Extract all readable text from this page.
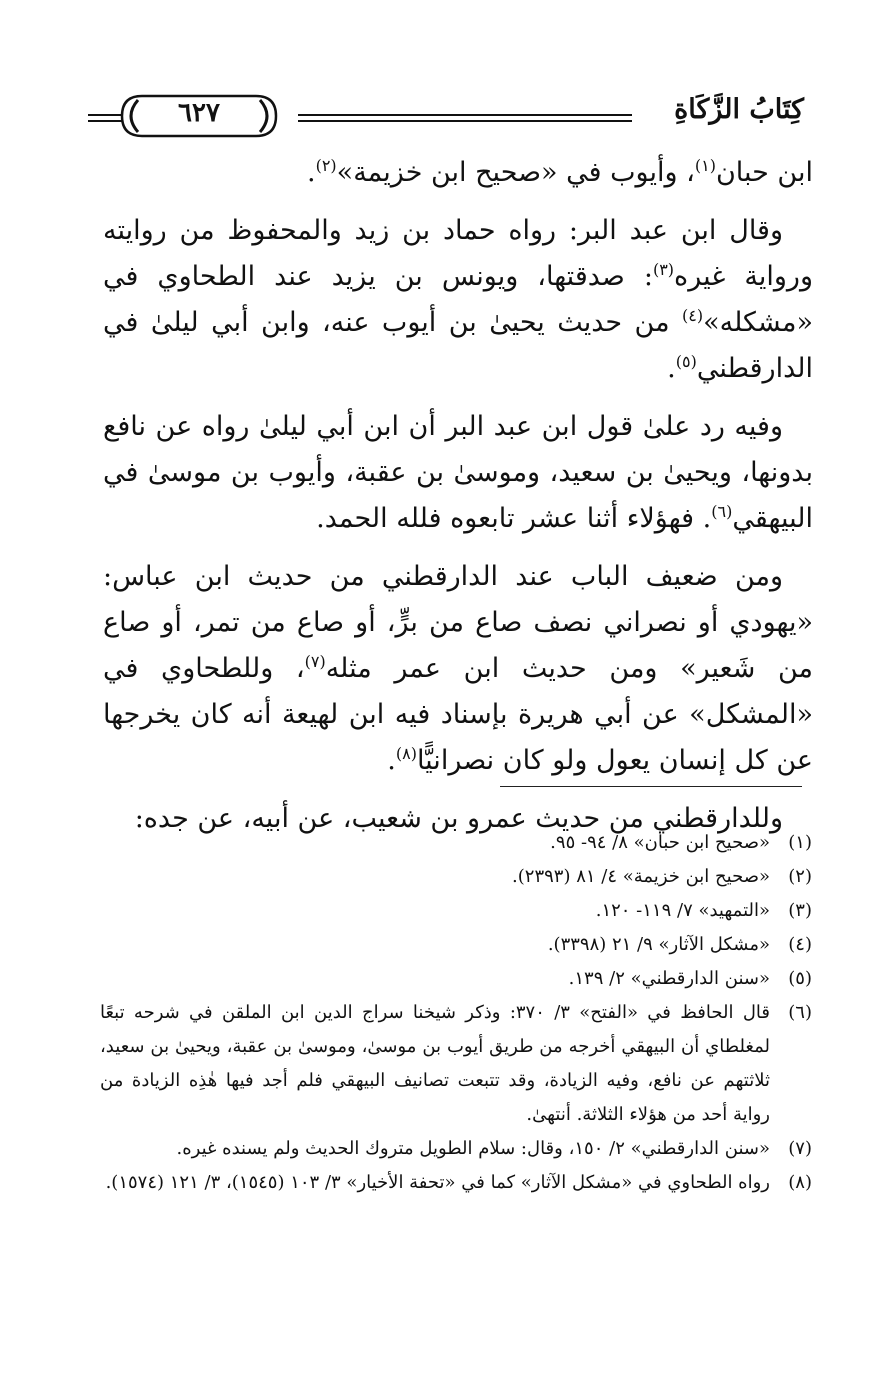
كِتَابُ الزَّكَاةِ
٦٢٧

ابن حبان$^{(١)}$، وأيوب في «صحيح ابن خزيمة»$^{(٢)}$.

وقال ابن عبد البر: رواه حماد بن زيد والمحفوظ من روايته ورواية غيره$^{(٣)}$: صدقتها، ويونس بن يزيد عند الطحاوي في «مشكله»$^{(٤)}$ من حديث يحيىٰ بن أيوب عنه، وابن أبي ليلىٰ في الدارقطني$^{(٥)}$.

وفيه رد علىٰ قول ابن عبد البر أن ابن أبي ليلىٰ رواه عن نافع بدونها، ويحيىٰ بن سعيد، وموسىٰ بن عقبة، وأيوب بن موسىٰ في البيهقي$^{(٦)}$. فهؤلاء أثنا عشر تابعوه فلله الحمد.

ومن ضعيف الباب عند الدارقطني من حديث ابن عباس: «يهودي أو نصراني نصف صاع من برٍّ، أو صاع من تمر، أو صاع من شَعير» ومن حديث ابن عمر مثله$^{(٧)}$، وللطحاوي في «المشكل» عن أبي هريرة بإسناد فيه ابن لهيعة أنه كان يخرجها عن كل إنسان يعول ولو كان نصرانيًّا$^{(٨)}$.

وللدارقطني من حديث عمرو بن شعيب، عن أبيه، عن جده:

(١)
«صحيح ابن حبان» ٨/ ٩٤- ٩٥.
(٢)
«صحيح ابن خزيمة» ٤/ ٨١ (٢٣٩٣).
(٣)
«التمهيد» ٧/ ١١٩- ١٢٠.
(٤)
«مشكل الآثار» ٩/ ٢١ (٣٣٩٨).
(٥)
«سنن الدارقطني» ٢/ ١٣٩.
(٦)
قال الحافظ في «الفتح» ٣/ ٣٧٠: وذكر شيخنا سراج الدين ابن الملقن في شرحه تبعًا لمغلطاي أن البيهقي أخرجه من طريق أيوب بن موسىٰ، وموسىٰ بن عقبة، ويحيىٰ بن سعيد، ثلاثتهم عن نافع، وفيه الزيادة، وقد تتبعت تصانيف البيهقي فلم أجد فيها هٰذِه الزيادة من رواية أحد من هؤلاء الثلاثة. أنتهىٰ.
(٧)
«سنن الدارقطني» ٢/ ١٥٠، وقال: سلام الطويل متروك الحديث ولم يسنده غيره.
(٨)
رواه الطحاوي في «مشكل الآثار» كما في «تحفة الأخيار» ٣/ ١٠٣ (١٥٤٥)، ٣/ ١٢١ (١٥٧٤).
